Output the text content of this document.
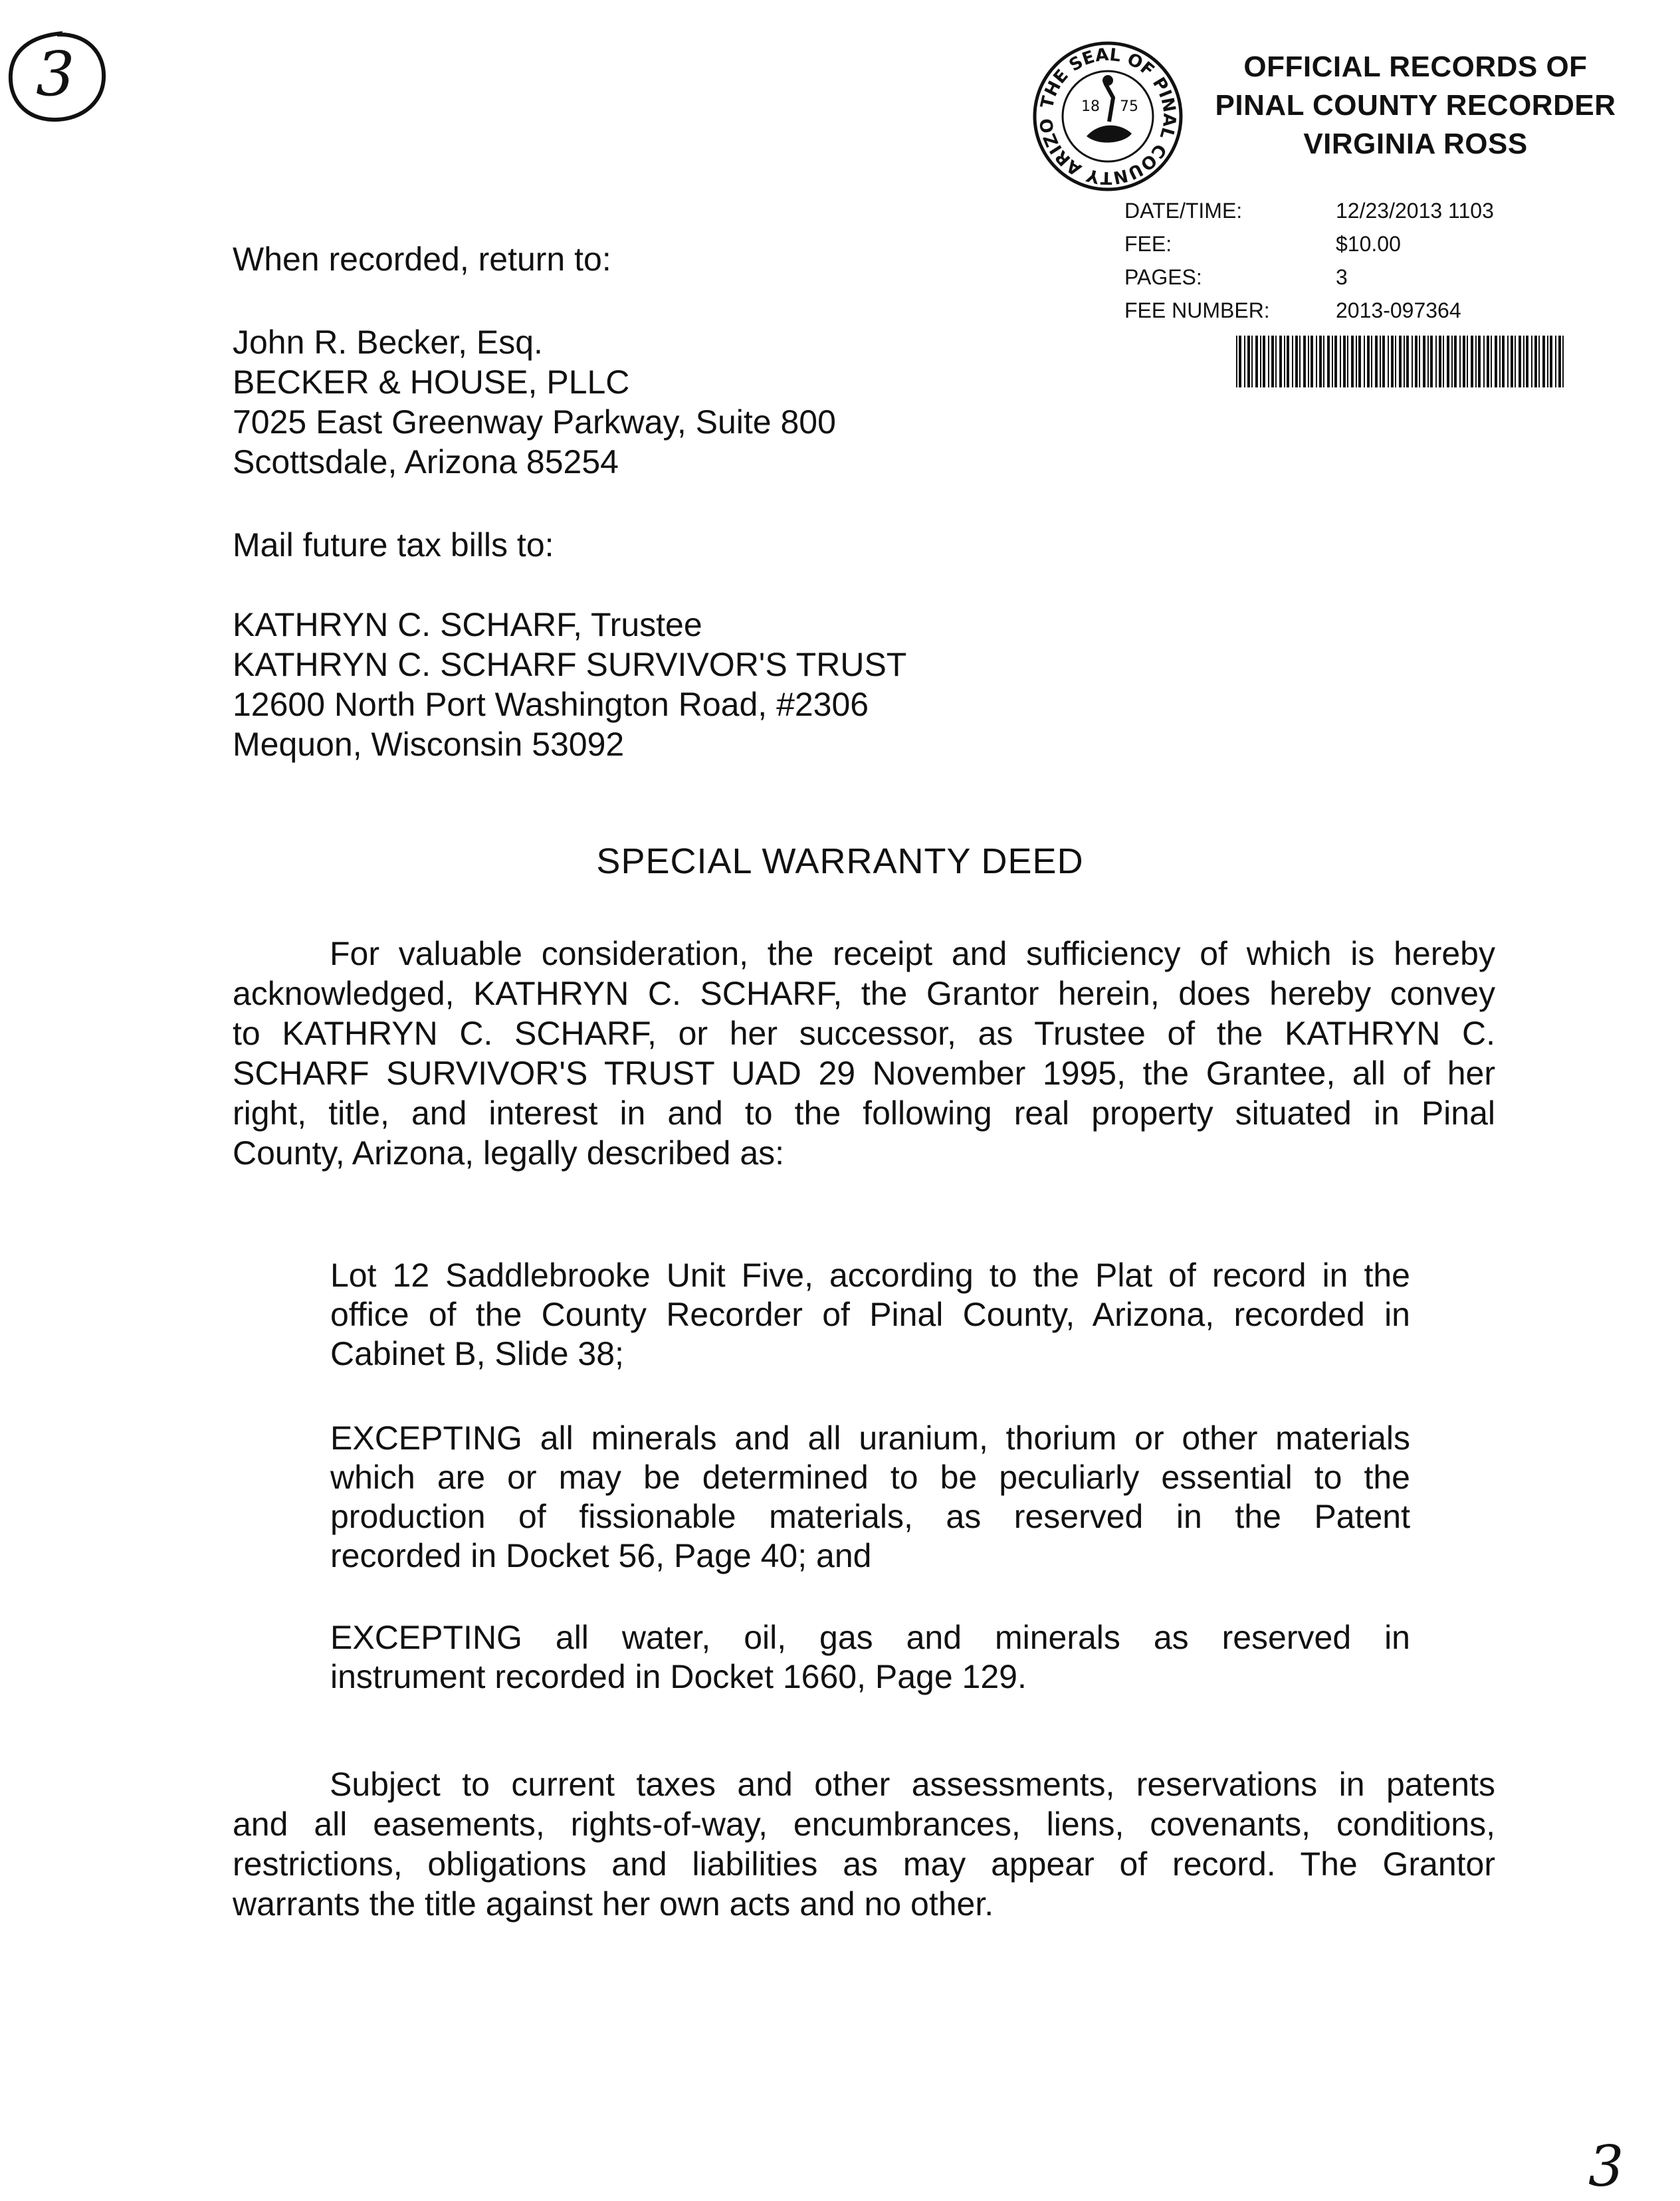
3	THE SEAL OF PINAL COUNTY ARIZO
18 75
OFFICIAL RECORDS OF
PINAL COUNTY RECORDER
VIRGINIA ROSS
DATE/TIME:	12/23/2013 1103
FEE:	$10.00
PAGES:	3
FEE NUMBER:	2013-097364
When recorded, return to:
John R. Becker, Esq.
BECKER & HOUSE, PLLC
7025 East Greenway Parkway, Suite 800
Scottsdale, Arizona 85254
Mail future tax bills to:
KATHRYN C. SCHARF, Trustee
KATHRYN C. SCHARF SURVIVOR'S TRUST
12600 North Port Washington Road, #2306
Mequon, Wisconsin 53092
SPECIAL WARRANTY DEED
For valuable consideration, the receipt and sufficiency of which is hereby
acknowledged, KATHRYN C. SCHARF, the Grantor herein, does hereby convey
to KATHRYN C. SCHARF, or her successor, as Trustee of the KATHRYN C.
SCHARF SURVIVOR'S TRUST UAD 29 November 1995, the Grantee, all of her
right, title, and interest in and to the following real property situated in Pinal
County, Arizona, legally described as:
Lot 12 Saddlebrooke Unit Five, according to the Plat of record in the
office of the County Recorder of Pinal County, Arizona, recorded in
Cabinet B, Slide 38;
EXCEPTING all minerals and all uranium, thorium or other materials
which are or may be determined to be peculiarly essential to the
production of fissionable materials, as reserved in the Patent
recorded in Docket 56, Page 40; and
EXCEPTING all water, oil, gas and minerals as reserved in
instrument recorded in Docket 1660, Page 129.
Subject to current taxes and other assessments, reservations in patents
and all easements, rights-of-way, encumbrances, liens, covenants, conditions,
restrictions, obligations and liabilities as may appear of record. The Grantor
warrants the title against her own acts and no other.
3
